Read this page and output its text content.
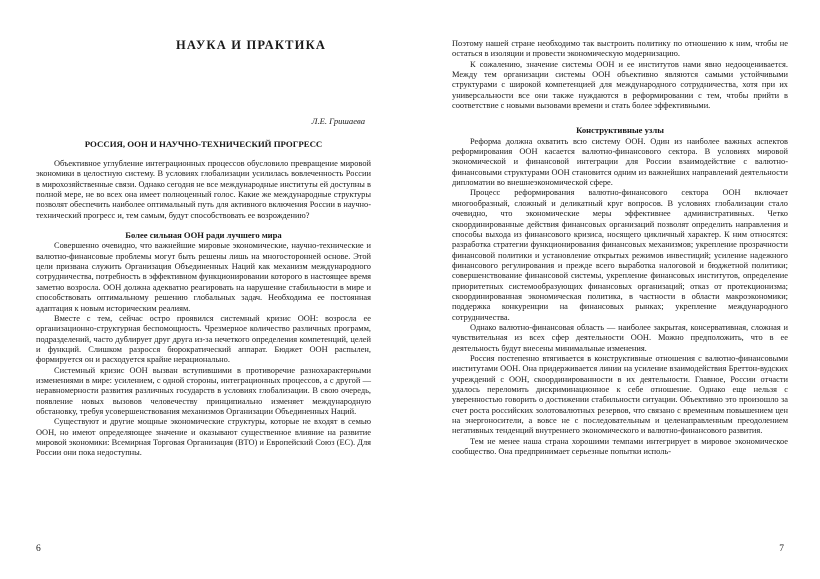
НАУКА И ПРАКТИКА
Л.Е. Гришаева
РОССИЯ, ООН И НАУЧНО-ТЕХНИЧЕСКИЙ ПРОГРЕСС

Объективное углубление интеграционных процессов обусловило превращение мировой экономики в целостную систему. В условиях глобализации усилилась вовлеченность России в мирохозяйственные связи. Однако сегодня не все международные институты ей доступны в полной мере, не во всех она имеет полноценный голос. Какие же международные структуры позволят обеспечить наиболее оптимальный путь для активного включения России в научно-технический прогресс и, тем самым, будут способствовать ее возрождению?

Более сильная ООН ради лучшего мира

Совершенно очевидно, что важнейшие мировые экономические, научно-технические и валютно-финансовые проблемы могут быть решены лишь на многосторонней основе. Этой цели призвана служить Организация Объединенных Наций как механизм международного сотрудничества, потребность в эффективном функционировании которого в настоящее время заметно возросла. ООН должна адекватно реагировать на нарушение стабильности в мире и способствовать оптимальному решению глобальных задач. Необходима ее постоянная адаптация к новым историческим реалиям.

Вместе с тем, сейчас остро проявился системный кризис ООН: возросла ее организационно-структурная беспомощность. Чрезмерное количество различных программ, подразделений, часто дублирует друг друга из-за нечеткого определения компетенций, целей и функций. Слишком разросся бюрократический аппарат. Бюджет ООН распылен, формируется он и расходуется крайне нерационально.

Системный кризис ООН вызван вступившими в противоречие разнохарактерными изменениями в мире: усилением, с одной стороны, интеграционных процессов, а с другой — неравномерности развития различных государств в условиях глобализации. В свою очередь, появление новых вызовов человечеству принципиально изменяет международную обстановку, требуя усовершенствования механизмов Организации Объединенных Наций.

Существуют и другие мощные экономические структуры, которые не входят в семью ООН, но имеют определяющее значение и оказывают существенное влияние на развитие мировой экономики: Всемирная Торговая Организация (ВТО) и Европейский Союз (ЕС). Для России они пока недоступны.

6

Поэтому нашей стране необходимо так выстроить политику по отношению к ним, чтобы не остаться в изоляции и провести экономическую модернизацию.

К сожалению, значение системы ООН и ее институтов нами явно недооценивается. Между тем организации системы ООН объективно являются самыми устойчивыми структурами с широкой компетенцией для международного сотрудничества, хотя при их универсальности все они также нуждаются в реформировании с тем, чтобы прийти в соответствие с новыми вызовами времени и стать более эффективными.

Конструктивные узлы

Реформа должна охватить всю систему ООН. Один из наиболее важных аспектов реформирования ООН касается валютно-финансового сектора. В условиях мировой экономической и финансовой интеграции для России взаимодействие с валютно-финансовыми структурами ООН становится одним из важнейших направлений деятельности дипломатии во внешнеэкономической сфере.

Процесс реформирования валютно-финансового сектора ООН включает многообразный, сложный и деликатный круг вопросов. В условиях глобализации стало очевидно, что экономические меры эффективнее административных. Четко скоординированные действия финансовых организаций позволят определить направления и способы выхода из финансового кризиса, носящего цикличный характер. К ним относятся: разработка стратегии функционирования финансовых механизмов; укрепление прозрачности финансовой политики и установление открытых режимов инвестиций; усиление надежного финансового регулирования и прежде всего выработка налоговой и бюджетной политики; совершенствование финансовой системы, укрепление финансовых институтов, определение приоритетных системообразующих финансовых организаций; отказ от протекционизма; скоординированная экономическая политика, в частности в области макроэкономики; поддержка конкуренции на финансовых рынках; укрепление международного сотрудничества.

Однако валютно-финансовая область — наиболее закрытая, консервативная, сложная и чувствительная из всех сфер деятельности ООН. Можно предположить, что в ее деятельность будут внесены минимальные изменения.

Россия постепенно втягивается в конструктивные отношения с валютно-финансовыми институтами ООН. Она придерживается линии на усиление взаимодействия Бреттон-вудских учреждений с ООН, скоординированности в их деятельности. Главное, России отчасти удалось переломить дискриминационное к себе отношение. Однако еще нельзя с уверенностью говорить о достижении стабильности ситуации. Объективно это произошло за счет роста российских золотовалютных резервов, что связано с временным повышением цен на энергоносители, а вовсе не с последовательным и целенаправленным преодолением негативных тенденций внутреннего экономического и валютно-финансового развития.

Тем не менее наша страна хорошими темпами интегрирует в мировое экономическое сообщество. Она предпринимает серьезные попытки исполь-

7
